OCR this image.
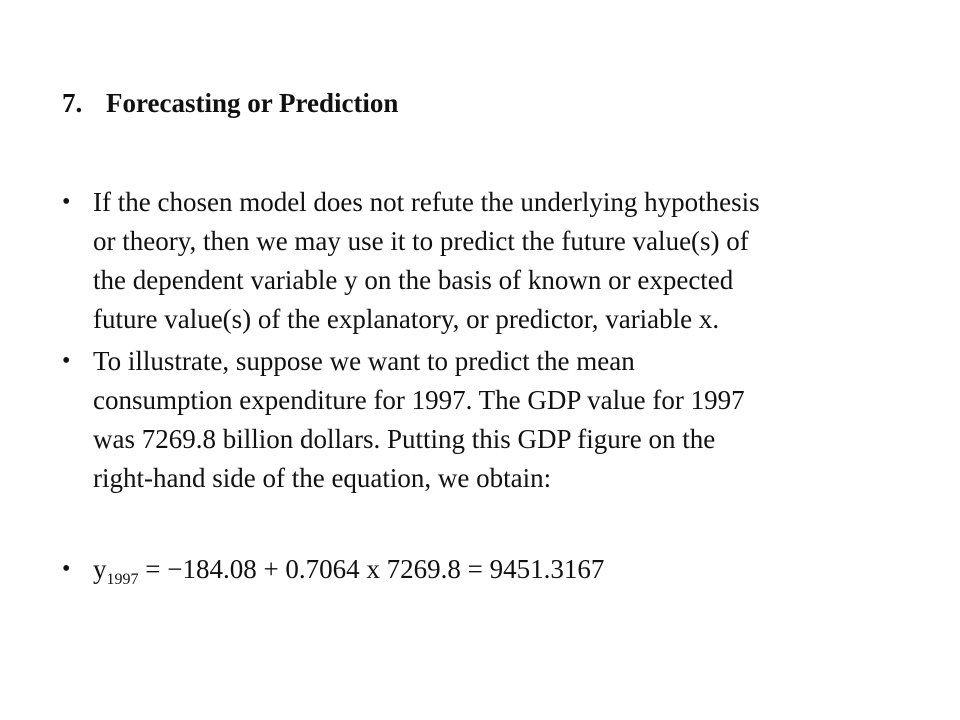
7. Forecasting or Prediction
• If the chosen model does not refute the underlying hypothesis
or theory, then we may use it to predict the future value(s) of
the dependent variable y on the basis of known or expected
future value(s) of the explanatory, or predictor, variable x.
• To illustrate, suppose we want to predict the mean
consumption expenditure for 1997. The GDP value for 1997
was 7269.8 billion dollars. Putting this GDP figure on the
right-hand side of the equation, we obtain:
• $y_{1997} = -184.08 + 0.7064$ x 7269.8 = 9451.3167
